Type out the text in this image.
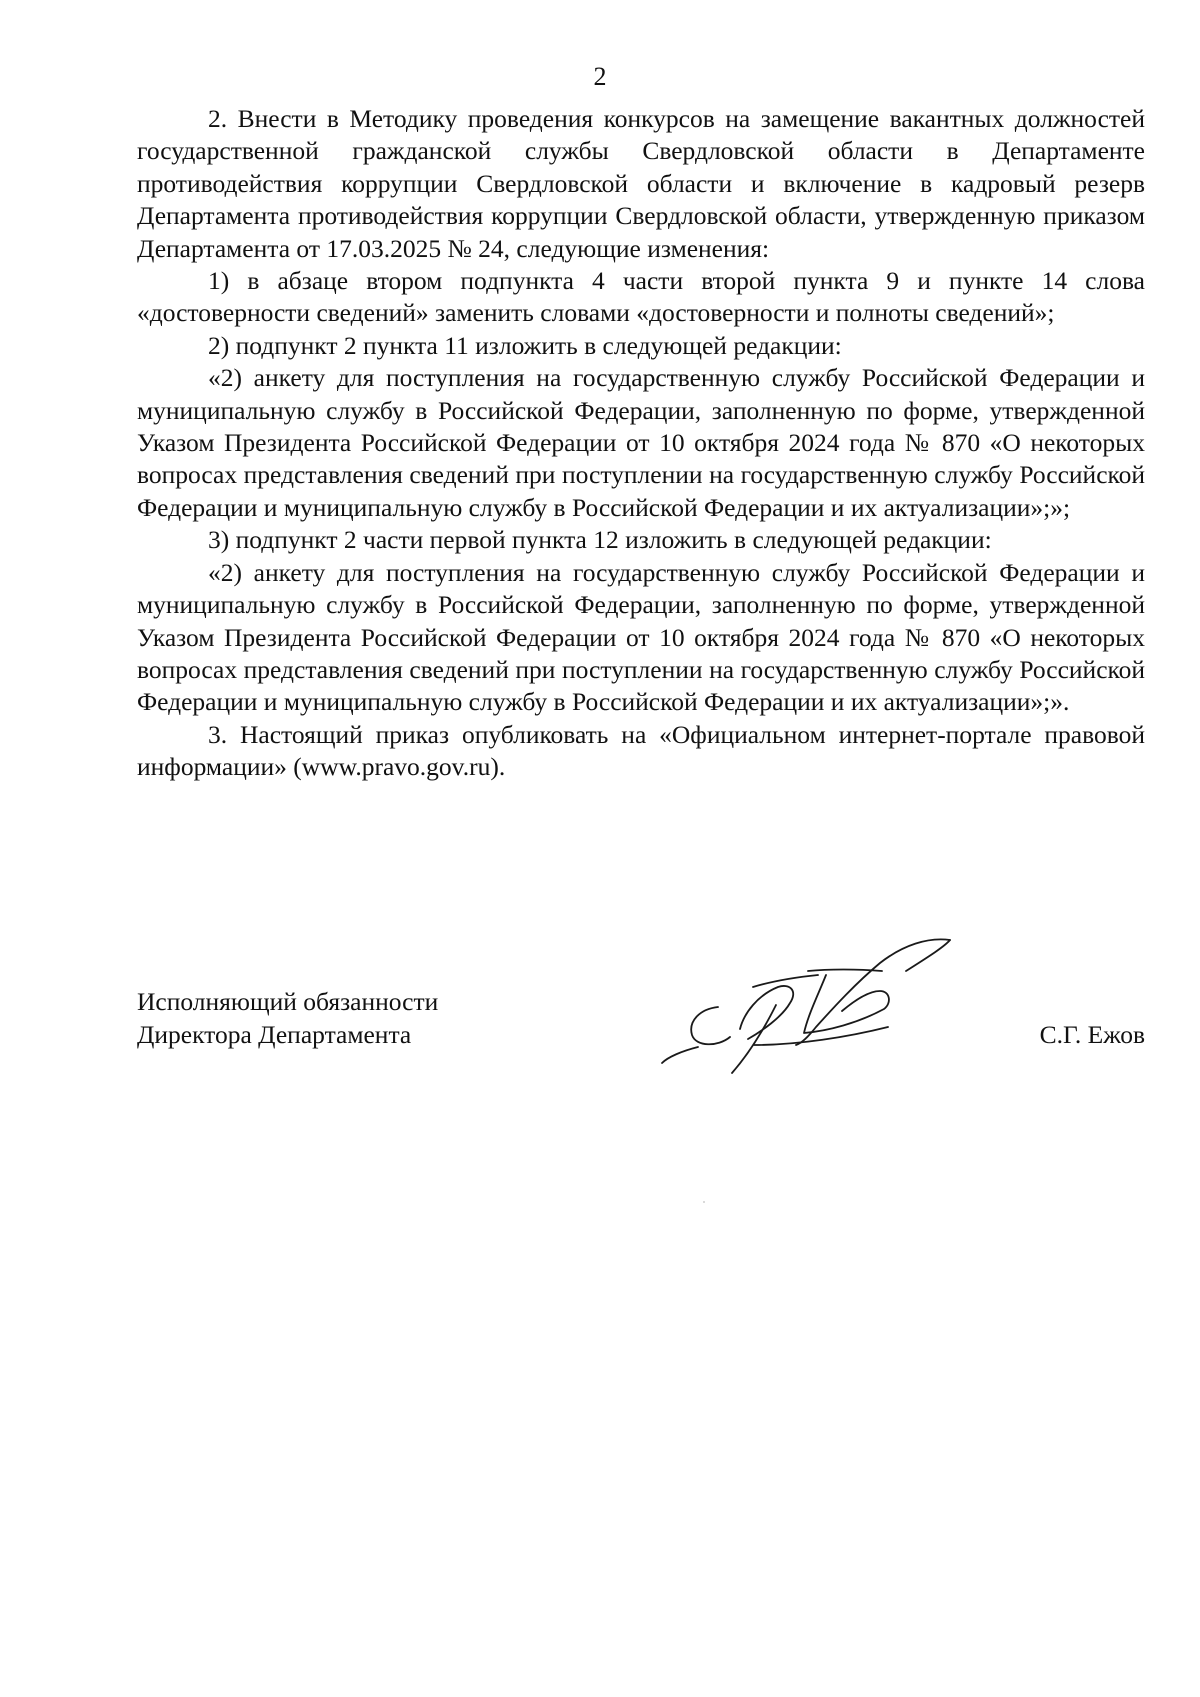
2

2. Внести в Методику проведения конкурсов на замещение вакантных должностей государственной гражданской службы Свердловской области в Департаменте противодействия коррупции Свердловской области и включение в кадровый резерв Департамента противодействия коррупции Свердловской области, утвержденную приказом Департамента от 17.03.2025 № 24, следующие изменения:

1) в абзаце втором подпункта 4 части второй пункта 9 и пункте 14 слова «достоверности сведений» заменить словами «достоверности и полноты сведений»;

2) подпункт 2 пункта 11 изложить в следующей редакции:

«2) анкету для поступления на государственную службу Российской Федерации и муниципальную службу в Российской Федерации, заполненную по форме, утвержденной Указом Президента Российской Федерации от 10 октября 2024 года № 870 «О некоторых вопросах представления сведений при поступлении на государственную службу Российской Федерации и муниципальную службу в Российской Федерации и их актуализации»;»;

3) подпункт 2 части первой пункта 12 изложить в следующей редакции:

«2) анкету для поступления на государственную службу Российской Федерации и муниципальную службу в Российской Федерации, заполненную по форме, утвержденной Указом Президента Российской Федерации от 10 октября 2024 года № 870 «О некоторых вопросах представления сведений при поступлении на государственную службу Российской Федерации и муниципальную службу в Российской Федерации и их актуализации»;».

3. Настоящий приказ опубликовать на «Официальном интернет-портале правовой информации» (www.pravo.gov.ru).

Исполняющий обязанности
Директора Департамента	С.Г. Ежов
